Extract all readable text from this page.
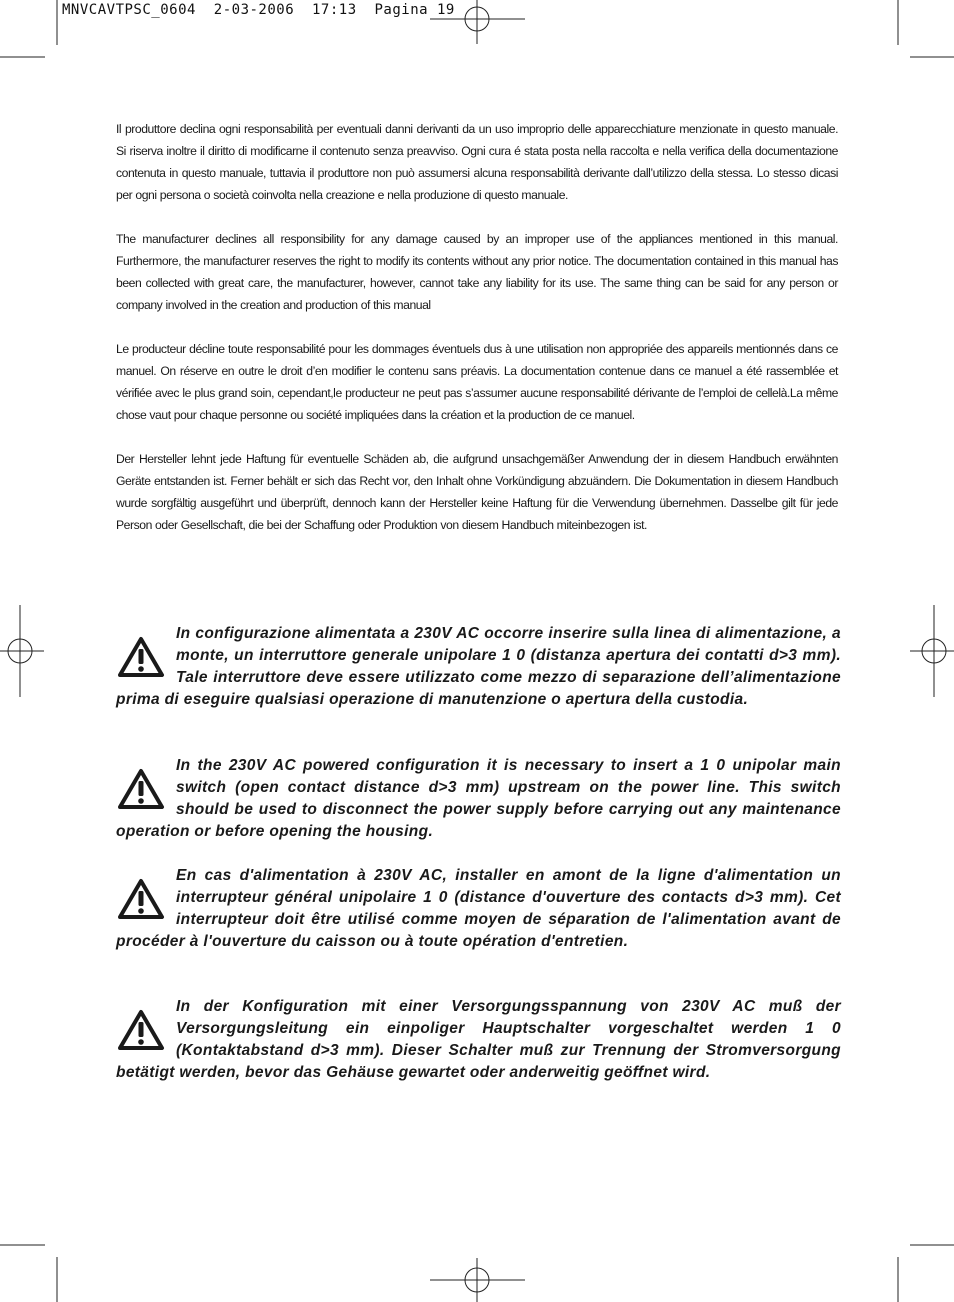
MNVCAVTPSC_0604  2-03-2006  17:13  Pagina 19

Il produttore declina ogni responsabilità per eventuali danni derivanti da un uso improprio delle apparecchiature menzionate in questo manuale. Si riserva inoltre il diritto di modificarne il contenuto senza preavviso. Ogni cura é stata posta nella raccolta e nella verifica della documentazione contenuta in questo manuale, tuttavia il produttore non può assumersi alcuna responsabilità derivante dall’utilizzo della stessa. Lo stesso dicasi per ogni persona o società coinvolta nella creazione e nella produzione di questo manuale.

The manufacturer declines all responsibility for any damage caused by an improper use of the appliances mentioned in this manual. Furthermore, the manufacturer reserves the right to modify its contents without any prior notice. The documentation contained in this manual has been collected with great care, the manufacturer, however, cannot take any liability for its use. The same thing can be said for any person or company involved in the creation and production of this manual

Le producteur décline toute responsabilité pour les dommages éventuels dus à une utilisation non appropriée des appareils mentionnés dans ce manuel. On réserve en outre le droit d’en modifier le contenu sans préavis. La documentation contenue dans ce manuel a été rassemblée et vérifiée avec le plus grand soin, cependant,le producteur ne peut pas s’assumer aucune responsabilité dérivante de l’emploi de cellelà.La même chose vaut pour chaque personne ou société impliquées dans la création et la production de ce manuel.

Der Hersteller lehnt jede Haftung für eventuelle Schäden ab, die aufgrund unsachgemäßer Anwendung der in diesem Handbuch erwähnten Geräte entstanden ist. Ferner behält er sich das Recht vor, den Inhalt ohne Vorkündigung abzuändern. Die Dokumentation in diesem Handbuch wurde sorgfältig ausgeführt und überprüft, dennoch kann der Hersteller keine Haftung für die Verwendung übernehmen. Dasselbe gilt für jede Person oder Gesellschaft, die bei der Schaffung oder Produktion von diesem Handbuch miteinbezogen ist.

In configurazione alimentata a 230V AC occorre inserire sulla linea di alimentazione, a monte, un interruttore generale unipolare 1 0 (distanza apertura dei contatti d>3 mm). Tale interruttore deve essere utilizzato come mezzo di separazione dell’alimentazione prima di eseguire qualsiasi operazione di manutenzione o apertura della custodia.

In the 230V AC powered configuration it is necessary to insert a 1 0 unipolar main switch (open contact distance d>3 mm) upstream on the power line. This switch should be used to disconnect the power supply before carrying out any maintenance operation or before opening the housing.

En cas d'alimentation à 230V AC, installer en amont de la ligne d'alimentation un interrupteur général unipolaire 1 0 (distance d'ouverture des contacts d>3 mm). Cet interrupteur doit être utilisé comme moyen de séparation de l'alimentation avant de procéder à l'ouverture du caisson ou à toute opération d'entretien.

In der Konfiguration mit einer Versorgungsspannung von 230V AC muß der Versorgungsleitung ein einpoliger Hauptschalter vorgeschaltet werden 1 0 (Kontaktabstand d>3 mm). Dieser Schalter muß zur Trennung der Stromversorgung betätigt werden, bevor das Gehäuse gewartet oder anderweitig geöffnet wird.
